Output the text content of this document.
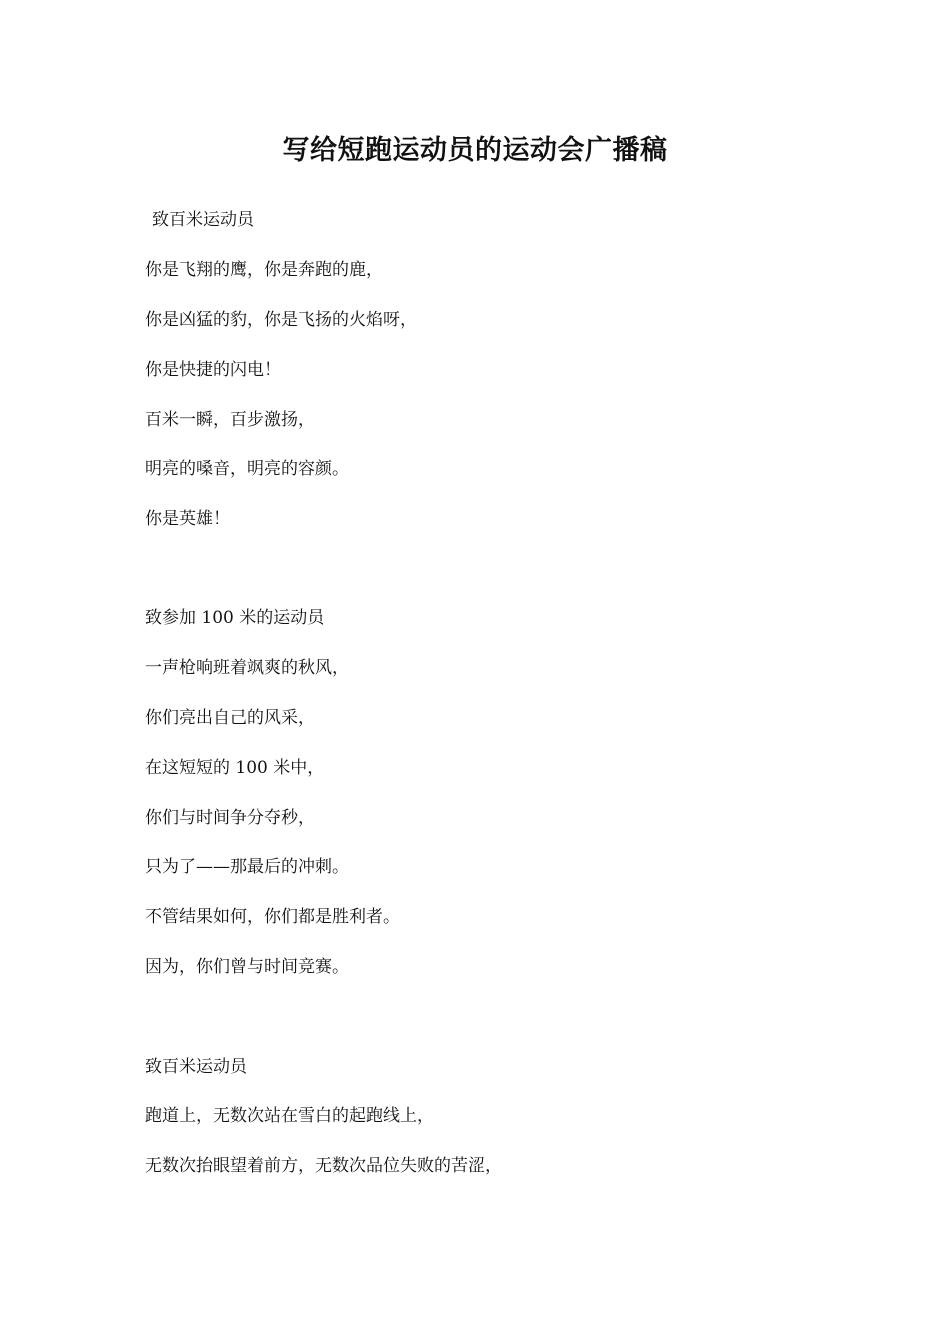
写给短跑运动员的运动会广播稿

致百米运动员

你是飞翔的鹰，你是奔跑的鹿，

你是凶猛的豹，你是飞扬的火焰呀，

你是快捷的闪电！

百米一瞬，百步激扬，

明亮的嗓音，明亮的容颜。

你是英雄！

致参加 100 米的运动员

一声枪响班着飒爽的秋风，

你们亮出自己的风采，

在这短短的 100 米中，

你们与时间争分夺秒，

只为了——那最后的冲刺。

不管结果如何，你们都是胜利者。

因为，你们曾与时间竞赛。

致百米运动员

跑道上，无数次站在雪白的起跑线上，

无数次抬眼望着前方，无数次品位失败的苦涩，
